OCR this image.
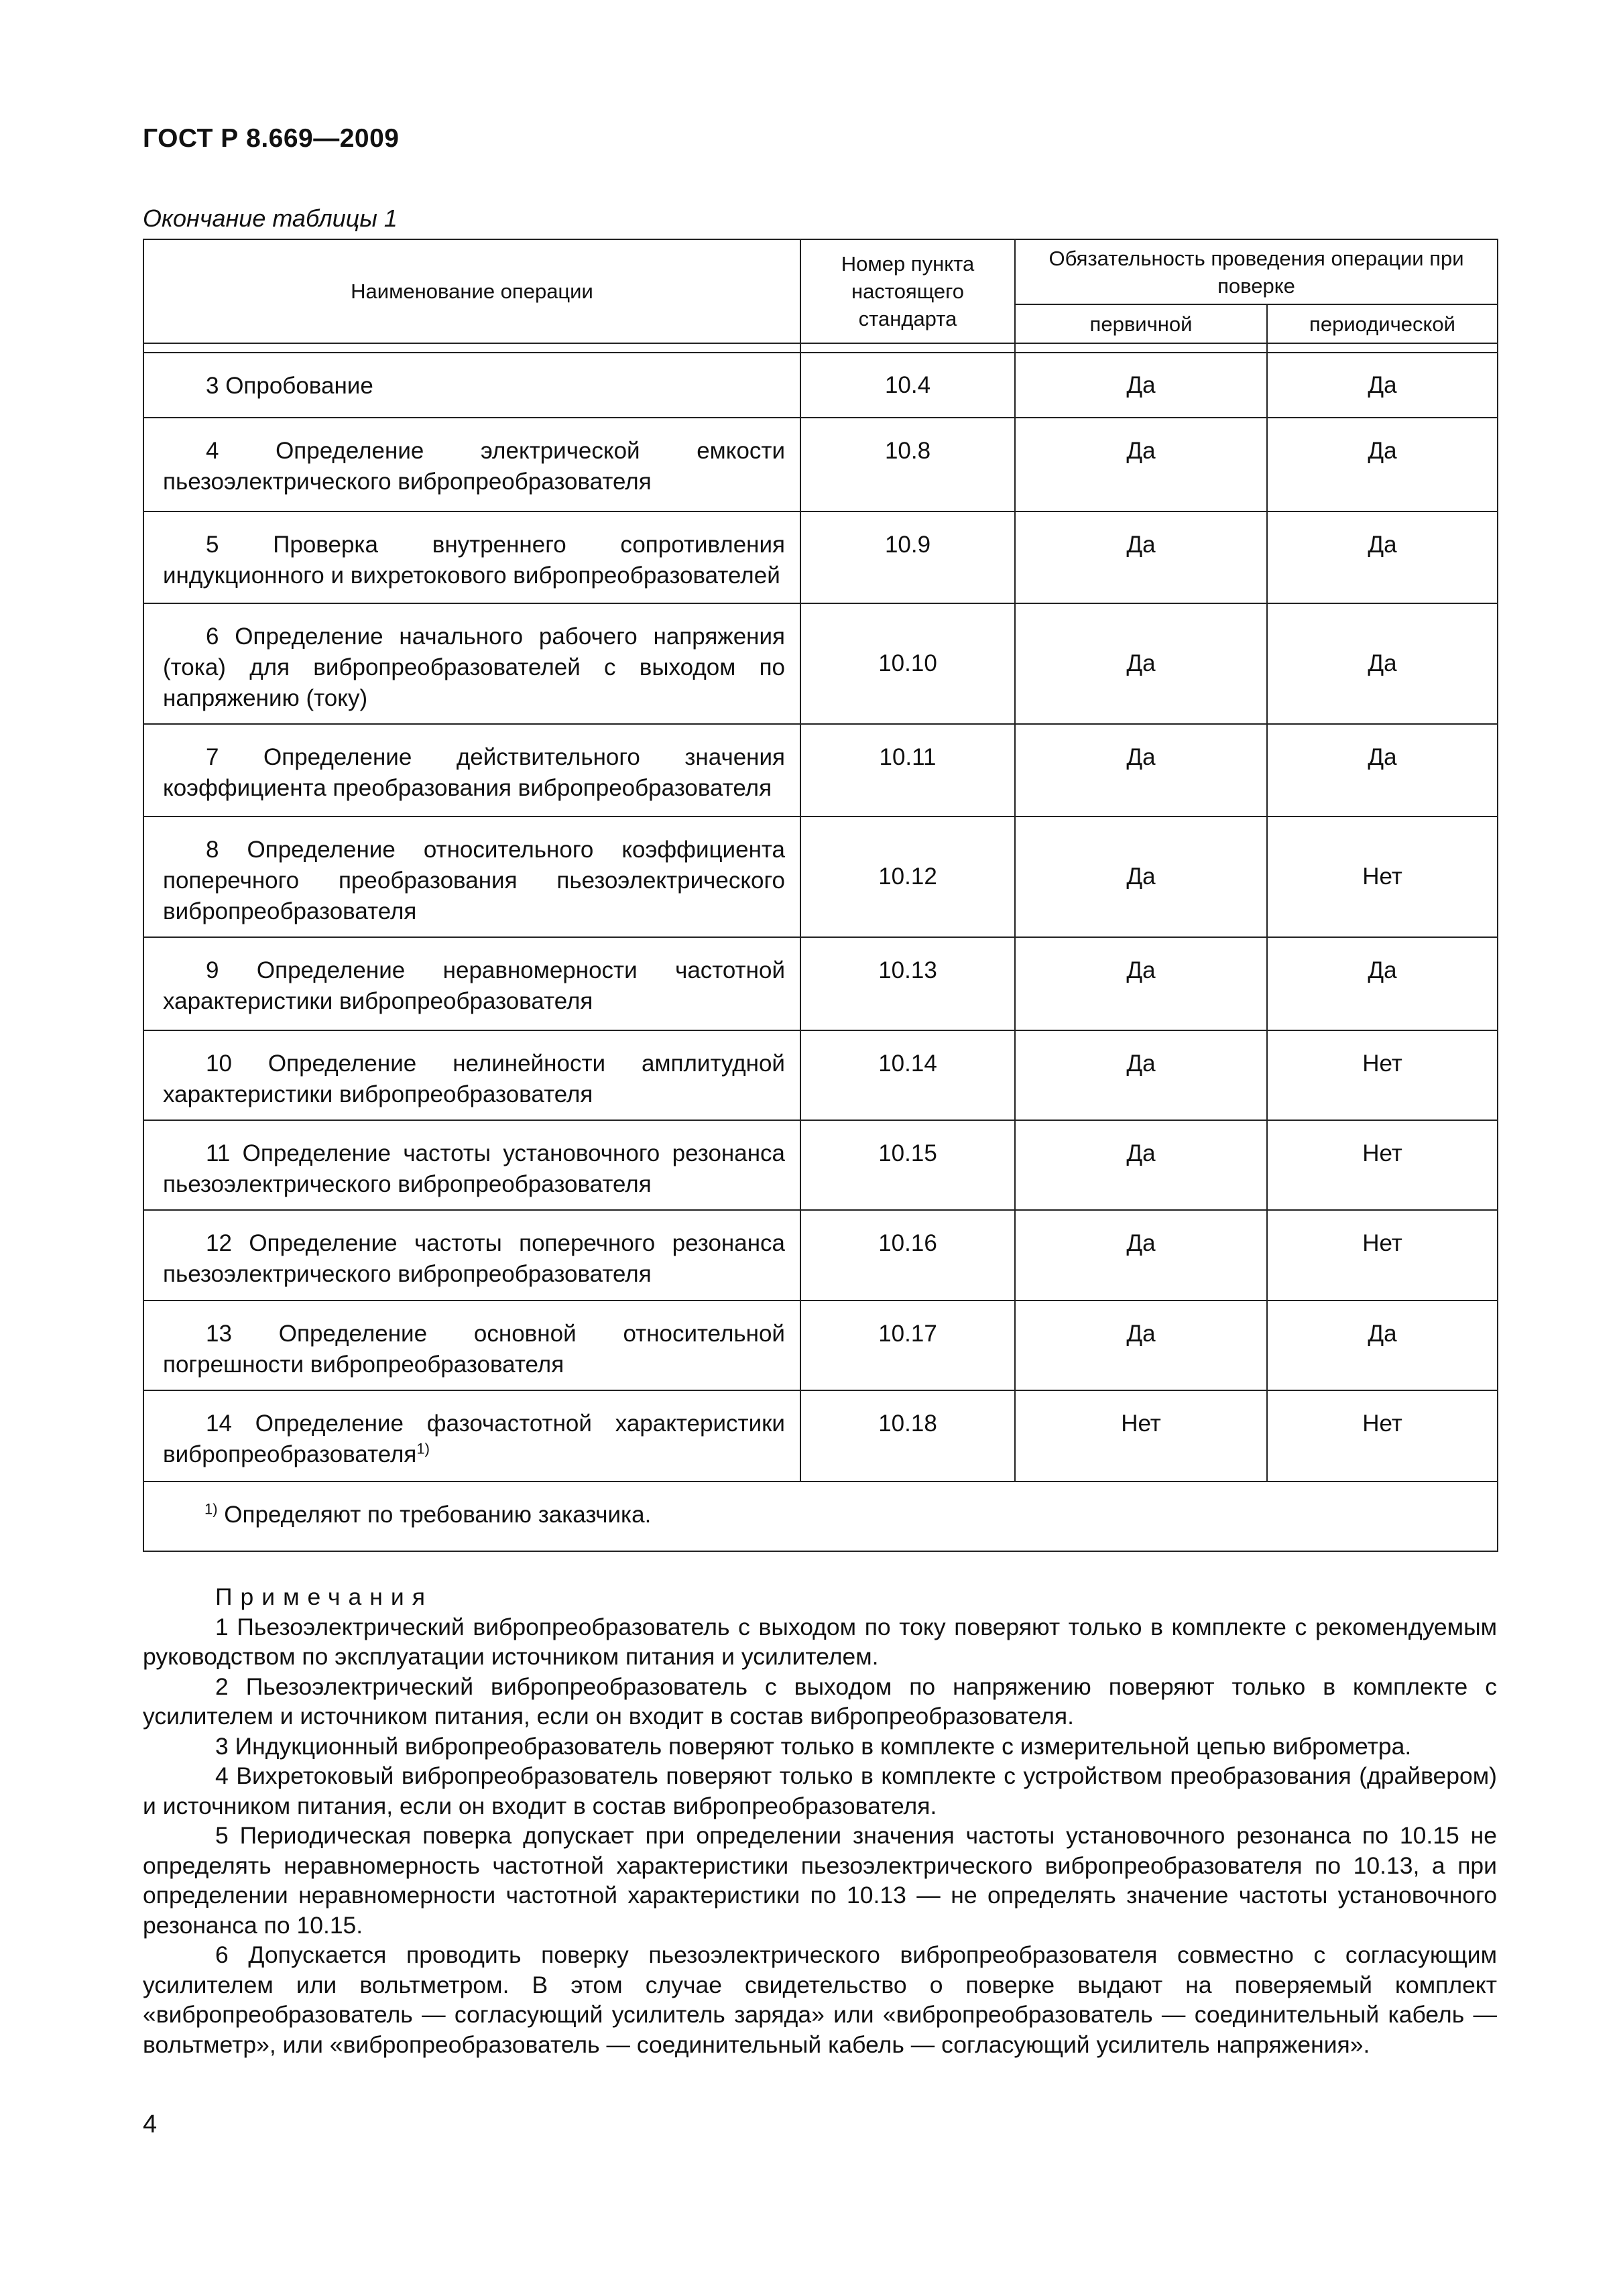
ГОСТ Р 8.669—2009
Окончание таблицы 1
Наименование операции	Номер пункта настоящего стандарта	Обязательность проведения операции при поверке	
		первичной	периодической

3 Опробование	10.4	Да	Да
4 Определение электрической емкости пьезоэлектрического вибропреобразователя	10.8	Да	Да
5 Проверка внутреннего сопротивления индукционного и вихретокового вибропреобразователей	10.9	Да	Да
6 Определение начального рабочего напряжения (тока) для вибропреобразователей с выходом по напряжению (току)	10.10	Да	Да
7 Определение действительного значения коэффициента преобразования вибропреобразователя	10.11	Да	Да
8 Определение относительного коэффициента поперечного преобразования пьезоэлектрического вибропреобразователя	10.12	Да	Нет
9 Определение неравномерности частотной характеристики вибропреобразователя	10.13	Да	Да
10 Определение нелинейности амплитудной характеристики вибропреобразователя	10.14	Да	Нет
11 Определение частоты установочного резонанса пьезоэлектрического вибропреобразователя	10.15	Да	Нет
12 Определение частоты поперечного резонанса пьезоэлектрического вибропреобразователя	10.16	Да	Нет
13 Определение основной относительной погрешности вибропреобразователя	10.17	Да	Да
14 Определение фазочастотной характеристики вибропреобразователя$^{1)}$	10.18	Нет	Нет
$^{1)}$ Определяют по требованию заказчика.			
Примечания
1 Пьезоэлектрический вибропреобразователь с выходом по току поверяют только в комплекте с рекомендуемым руководством по эксплуатации источником питания и усилителем.
2 Пьезоэлектрический вибропреобразователь с выходом по напряжению поверяют только в комплекте с усилителем и источником питания, если он входит в состав вибропреобразователя.
3 Индукционный вибропреобразователь поверяют только в комплекте с измерительной цепью виброметра.
4 Вихретоковый вибропреобразователь поверяют только в комплекте с устройством преобразования (драйвером) и источником питания, если он входит в состав вибропреобразователя.
5 Периодическая поверка допускает при определении значения частоты установочного резонанса по 10.15 не определять неравномерность частотной характеристики пьезоэлектрического вибропреобразователя по 10.13, а при определении неравномерности частотной характеристики по 10.13 — не определять значение частоты установочного резонанса по 10.15.
6 Допускается проводить поверку пьезоэлектрического вибропреобразователя совместно с согласующим усилителем или вольтметром. В этом случае свидетельство о поверке выдают на поверяемый комплект «вибропреобразователь — согласующий усилитель заряда» или «вибропреобразователь — соединительный кабель — вольтметр», или «вибропреобразователь — соединительный кабель — согласующий усилитель напряжения».
4
